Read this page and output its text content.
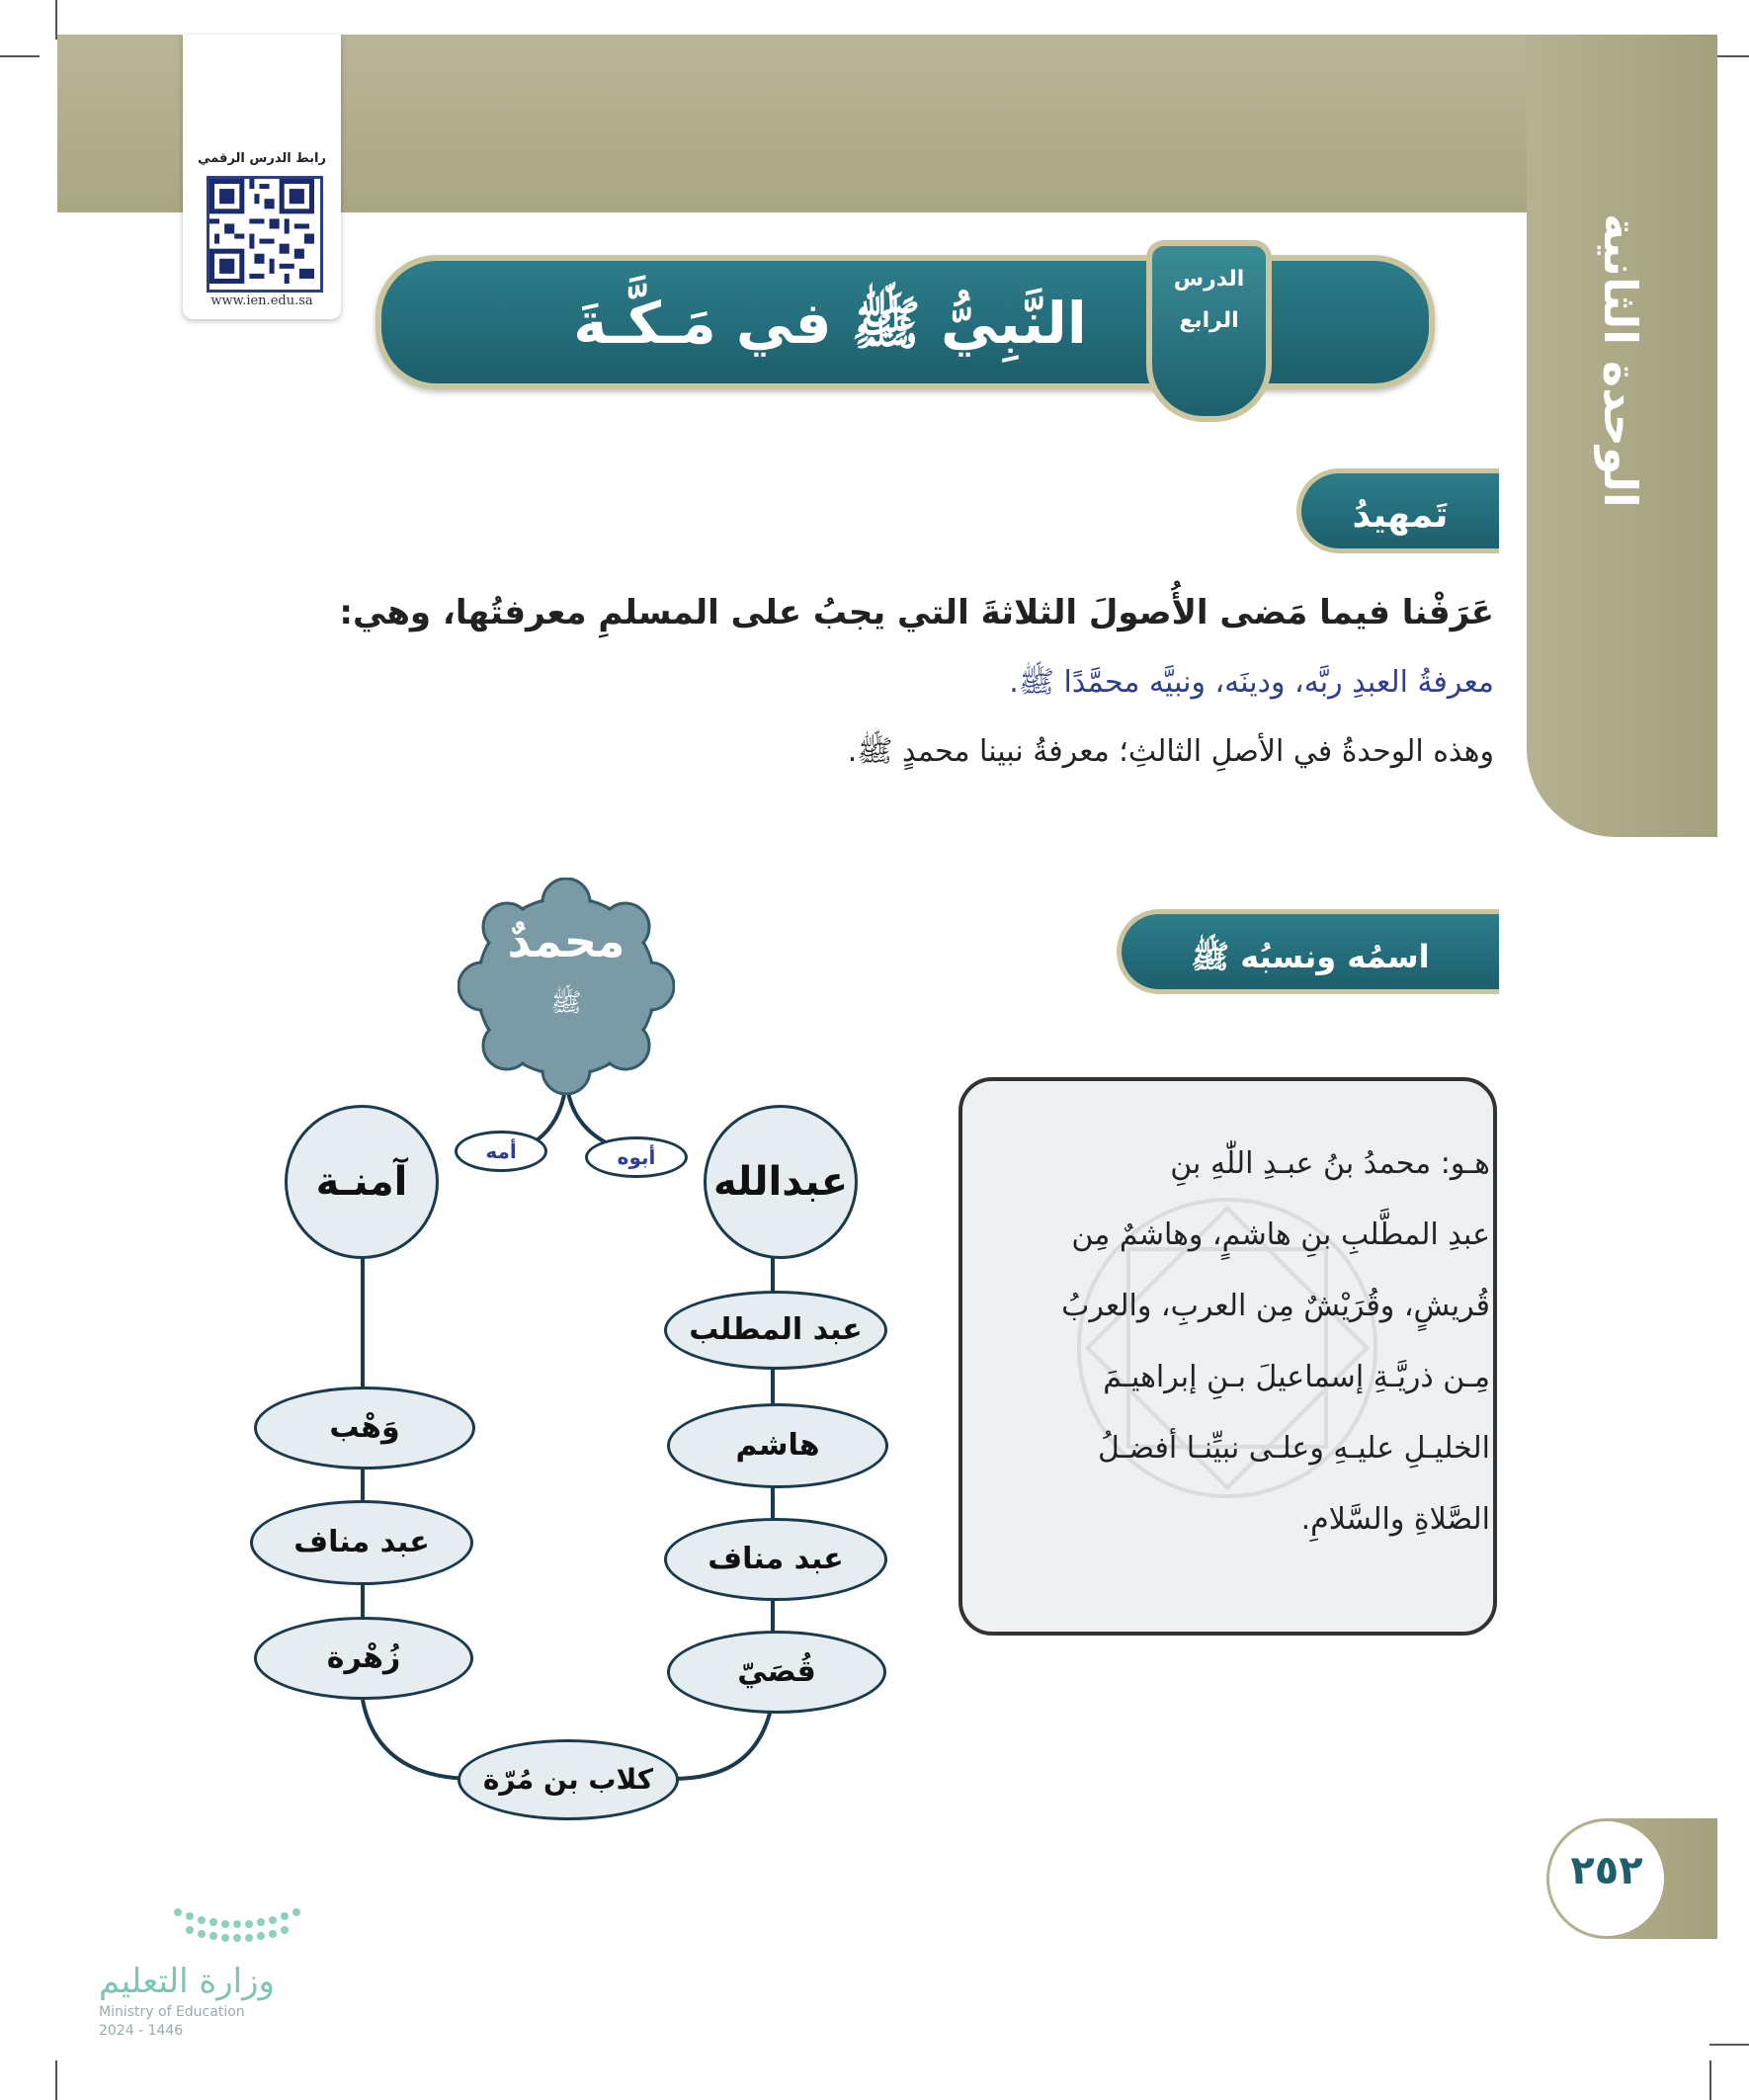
الوحدة الثانية
رابط الدرس الرقمي
www.ien.edu.sa	النَّبِيُّ ﷺ في مَـكَّـةَ
الدرس
الرابع
تَمهيدُ
عَرَفْنا فيما مَضى الأُصولَ الثلاثةَ التي يجبُ على المسلمِ معرفتُها، وهي:
معرفةُ العبدِ ربَّه، ودينَه، ونبيَّه محمَّدًا ﷺ.
وهذه الوحدةُ في الأصلِ الثالثِ؛ معرفةُ نبينا محمدٍ ﷺ.
اسمُه ونسبُه ﷺ
هـو: محمدُ بنُ عبـدِ اللّٰهِ بنِ
عبدِ المطَّلبِ بنِ هاشمٍ، وهاشمٌ مِن
قُريشٍ، وقُرَيْشٌ مِن العربِ، والعربُ
مِـن ذريَّـةِ إسماعيلَ بـنِ إبراهيـمَ
الخليـلِ عليـهِ وعلـى نبيِّنـا أفضـلُ
الصَّلاةِ والسَّلامِ.
محمدٌ
ﷺ
عبدالله
آمنـة
أبوه
أمه
عبد المطلب
هاشم
عبد مناف
قُصَيّ
وَهْب
عبد مناف
زُهْرة
كلاب بن مُرّة
٢٥٢
وزارة التعليم
Ministry of Education
2024 - 1446
